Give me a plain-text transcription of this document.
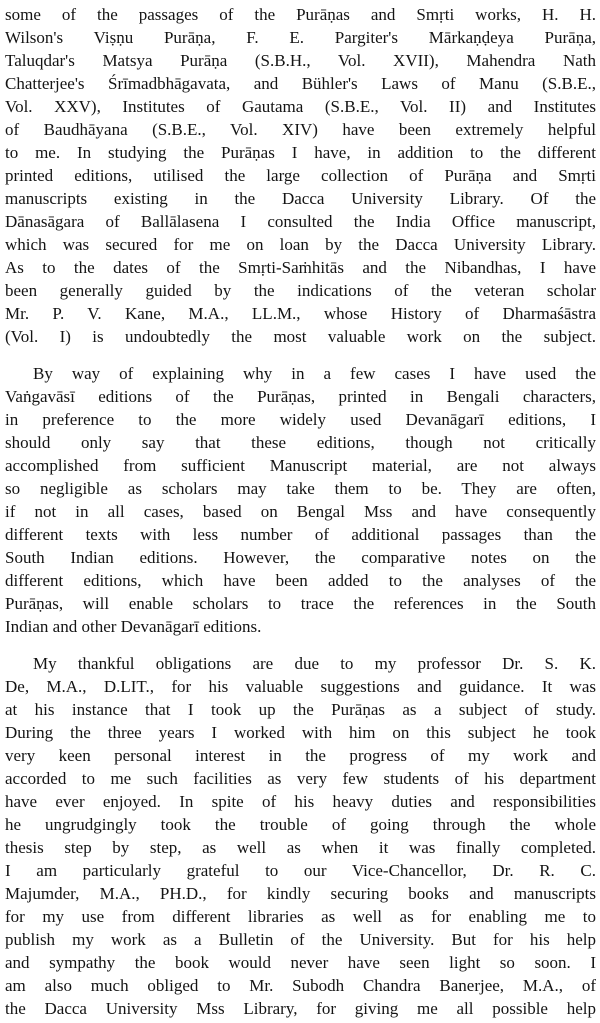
some of the passages of the Purāṇas and Smṛti works, H. H.
Wilson's Viṣṇu Purāṇa, F. E. Pargiter's Mārkaṇḍeya Purāṇa,
Taluqdar's Matsya Purāṇa (S.B.H., Vol. XVII), Mahendra Nath
Chatterjee's Śrīmadbhāgavata, and Bühler's Laws of Manu (S.B.E.,
Vol. XXV), Institutes of Gautama (S.B.E., Vol. II) and Institutes
of Baudhāyana (S.B.E., Vol. XIV) have been extremely helpful
to me. In studying the Purāṇas I have, in addition to the different
printed editions, utilised the large collection of Purāṇa and Smṛti
manuscripts existing in the Dacca University Library. Of the
Dānasāgara of Ballālasena I consulted the India Office manuscript,
which was secured for me on loan by the Dacca University Library.
As to the dates of the Smṛti-Saṁhitās and the Nibandhas, I have
been generally guided by the indications of the veteran scholar
Mr. P. V. Kane, M.A., LL.M., whose History of Dharmaśāstra
(Vol. I) is undoubtedly the most valuable work on the subject.
By way of explaining why in a few cases I have used the
Vaṅgavāsī editions of the Purāṇas, printed in Bengali characters,
in preference to the more widely used Devanāgarī editions, I
should only say that these editions, though not critically
accomplished from sufficient Manuscript material, are not always
so negligible as scholars may take them to be. They are often,
if not in all cases, based on Bengal Mss and have consequently
different texts with less number of additional passages than the
South Indian editions. However, the comparative notes on the
different editions, which have been added to the analyses of the
Purāṇas, will enable scholars to trace the references in the South
Indian and other Devanāgarī editions.
My thankful obligations are due to my professor Dr. S. K.
De, M.A., D.LIT., for his valuable suggestions and guidance. It was
at his instance that I took up the Purāṇas as a subject of study.
During the three years I worked with him on this subject he took
very keen personal interest in the progress of my work and
accorded to me such facilities as very few students of his department
have ever enjoyed. In spite of his heavy duties and responsibilities
he ungrudgingly took the trouble of going through the whole
thesis step by step, as well as when it was finally completed.
I am particularly grateful to our Vice-Chancellor, Dr. R. C.
Majumder, M.A., PH.D., for kindly securing books and manuscripts
for my use from different libraries as well as for enabling me to
publish my work as a Bulletin of the University. But for his help
and sympathy the book would never have seen light so soon. I
am also much obliged to Mr. Subodh Chandra Banerjee, M.A., of
the Dacca University Mss Library, for giving me all possible help
